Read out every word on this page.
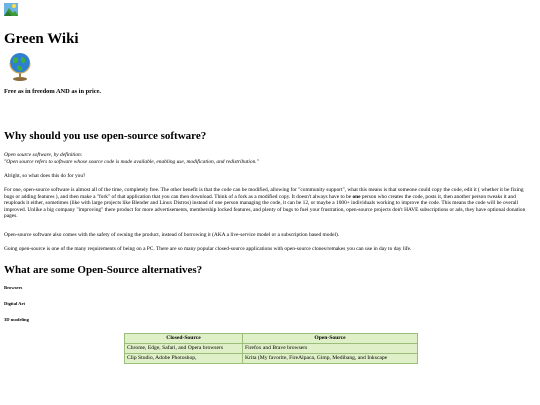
Green Wiki

Free as in freedom AND as in price.

Why should you use open-source software?
Open source software, by definition:
"Open source refers to software whose source code is made available, enabling use, modification, and redistribution."

Alright, so what does this do for you?

For one, open-source software is almost all of the time, completely free. The other benefit is that the code can be modified, allowing for "community support", what this means is that someone could copy the code, edit it ( whether it be fixing bugs or adding features ), and then make a "fork" of that application that you can then download. Think of a fork as a modified copy. It doesn't always have to be one person who creates the code, posts it, then another person tweaks it and reuploads it either, sometimes (like with large projects like Blender and Linux Distros) instead of one person managing the code, it can be 12, or maybe a 1000+ individuals working to improve the code. This means the code will be overall improved. Unlike a big company "improving" there product for more advertisements, membership locked features, and plenty of bugs to fuel your frustration, open-source projects don't HAVE subscriptions or ads, they have optional donation pages.

Open-source software also comes with the safety of owning the product, instead of borrowing it (AKA a live-service model or a subscription based model).

Going open-source is one of the many requirements of being on a PC. There are so many popular closed-source applications with open-source clones/remakes you can use in day to day life.

What are some Open-Source alternatives?
Browsers
Digital Art
3D modeling
Closed-Source	Open-Source
Chrome, Edge, Safari, and Opera browsers	Firefox and Brave browsers
Clip Studio, Adobe Photoshop,	Krita (My favorite, FireAlpaca, Gimp, Medibang, and Inkscape
